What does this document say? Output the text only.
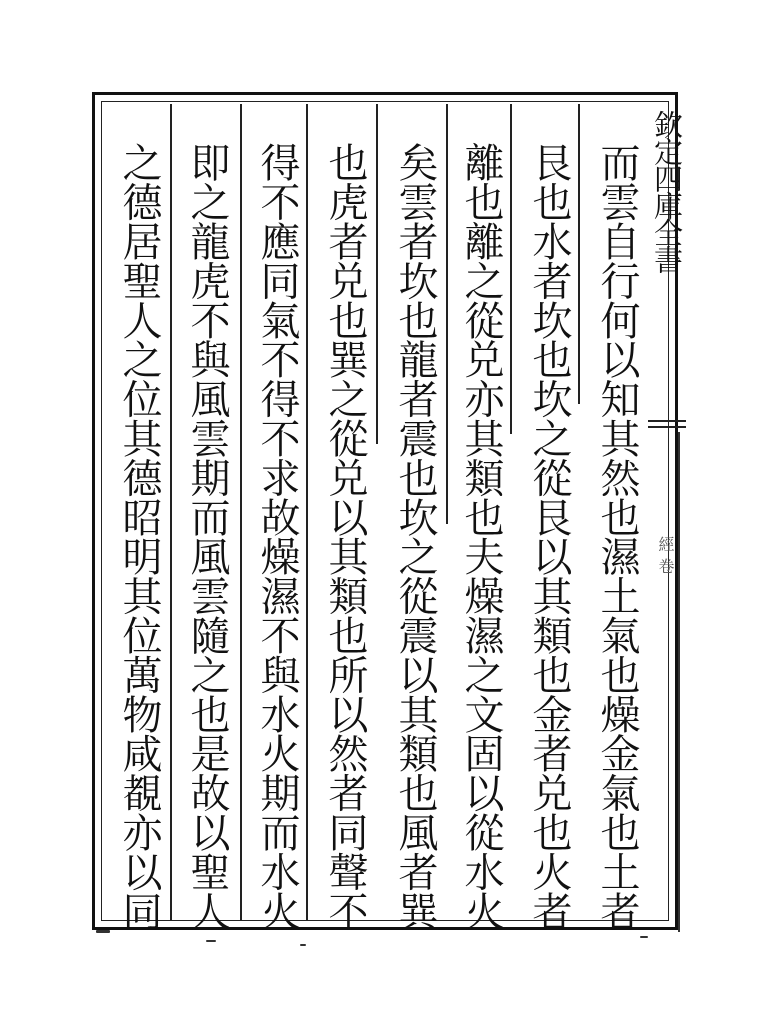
欽定四庫全書
經卷
而雲自行何以知其然也濕土氣也燥金氣也土者
艮也水者坎也坎之從艮以其類也金者兑也火者
離也離之從兑亦其類也夫燥濕之文固以從水火
矣雲者坎也龍者震也坎之從震以其類也風者巽
也虎者兑也巽之從兑以其類也所以然者同聲不
得不應同氣不得不求故燥濕不與水火期而水火
即之龍虎不與風雲期而風雲隨之也是故以聖人
之德居聖人之位其德昭明其位萬物咸覩亦以同
